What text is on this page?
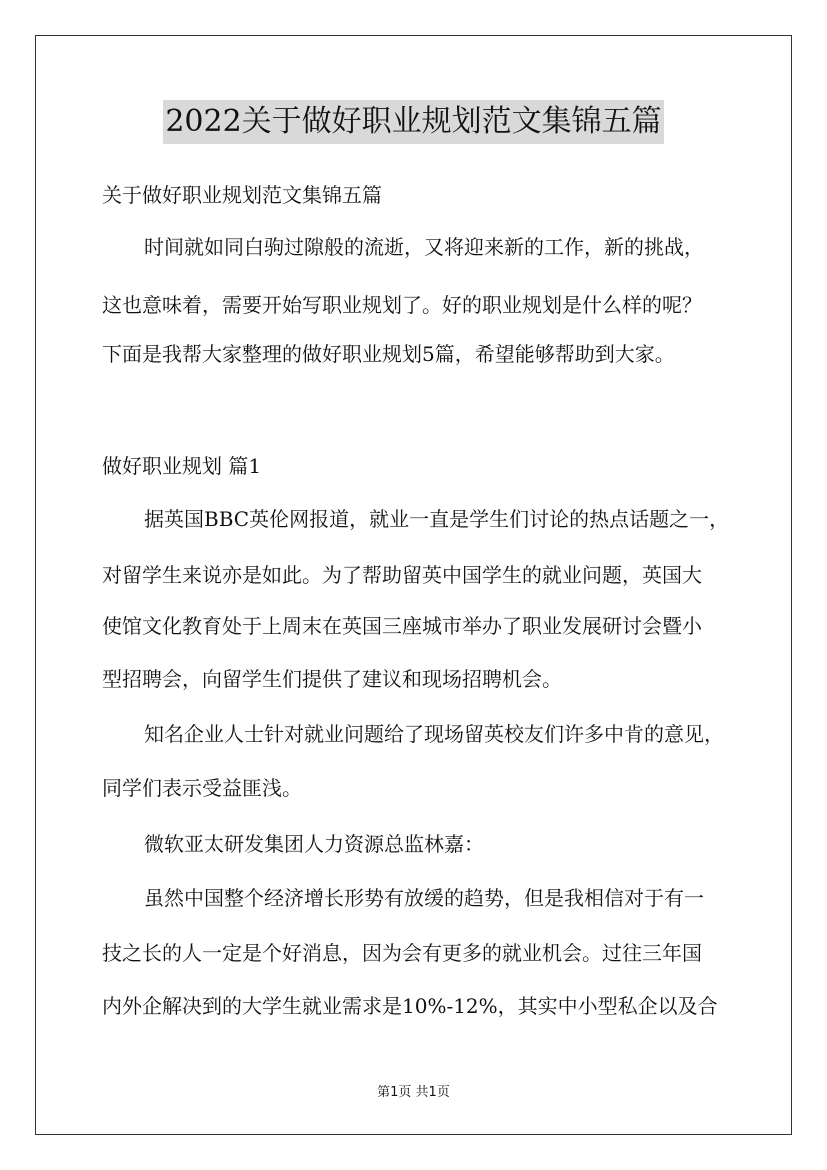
2022关于做好职业规划范文集锦五篇
关于做好职业规划范文集锦五篇
时间就如同白驹过隙般的流逝，又将迎来新的工作，新的挑战，
这也意味着，需要开始写职业规划了。好的职业规划是什么样的呢？
下面是我帮大家整理的做好职业规划5篇，希望能够帮助到大家。
做好职业规划 篇1
据英国BBC英伦网报道，就业一直是学生们讨论的热点话题之一，
对留学生来说亦是如此。为了帮助留英中国学生的就业问题，英国大
使馆文化教育处于上周末在英国三座城市举办了职业发展研讨会暨小
型招聘会，向留学生们提供了建议和现场招聘机会。
知名企业人士针对就业问题给了现场留英校友们许多中肯的意见，
同学们表示受益匪浅。
微软亚太研发集团人力资源总监林嘉：
虽然中国整个经济增长形势有放缓的趋势，但是我相信对于有一
技之长的人一定是个好消息，因为会有更多的就业机会。过往三年国
内外企解决到的大学生就业需求是10%-12%，其实中小型私企以及合
第1页 共1页
